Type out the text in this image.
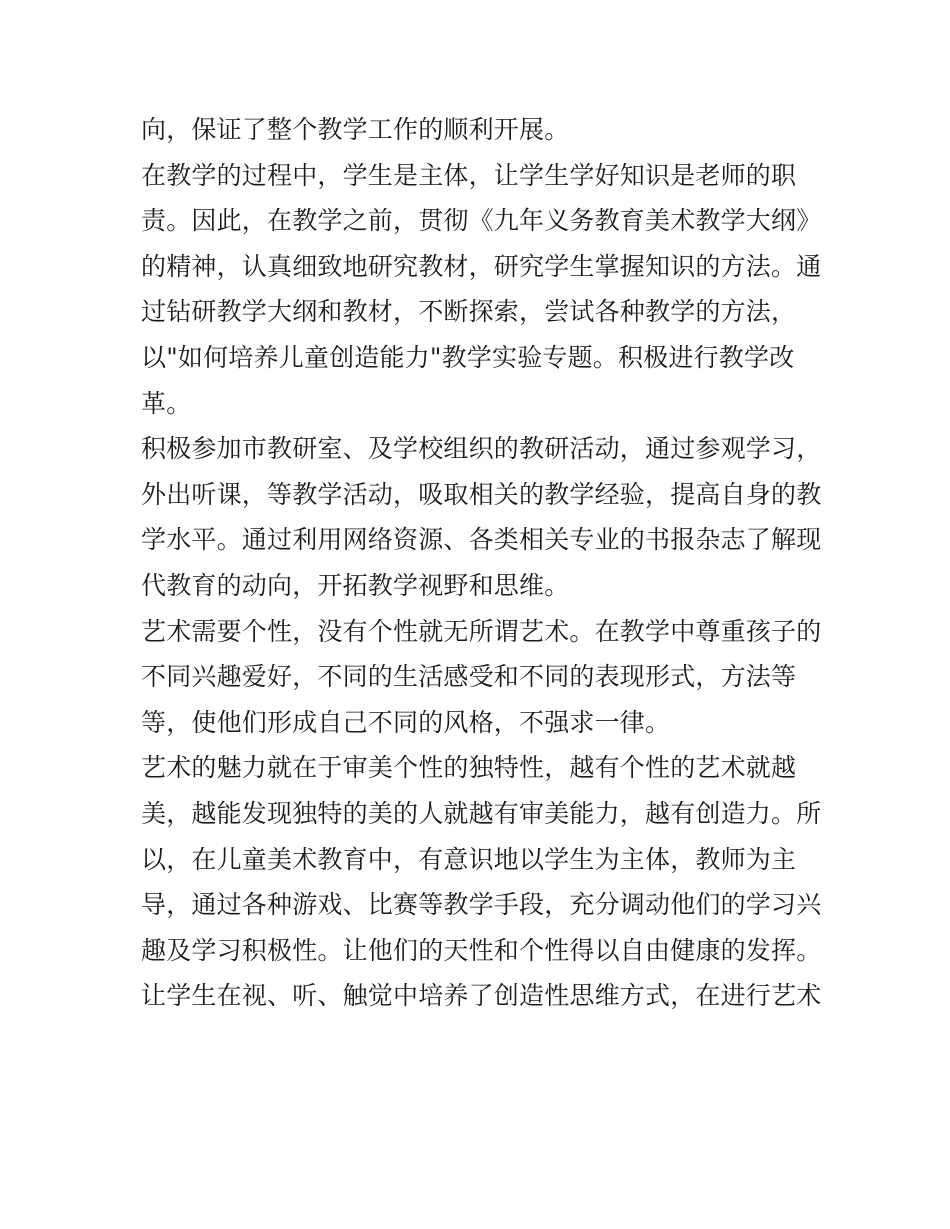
向，保证了整个教学工作的顺利开展。
在教学的过程中，学生是主体，让学生学好知识是老师的职
责。因此，在教学之前，贯彻《九年义务教育美术教学大纲》
的精神，认真细致地研究教材，研究学生掌握知识的方法。通
过钻研教学大纲和教材，不断探索，尝试各种教学的方法，
以"如何培养儿童创造能力"教学实验专题。积极进行教学改
革。
积极参加市教研室、及学校组织的教研活动，通过参观学习，
外出听课，等教学活动，吸取相关的教学经验，提高自身的教
学水平。通过利用网络资源、各类相关专业的书报杂志了解现
代教育的动向，开拓教学视野和思维。
艺术需要个性，没有个性就无所谓艺术。在教学中尊重孩子的
不同兴趣爱好，不同的生活感受和不同的表现形式，方法等
等，使他们形成自己不同的风格，不强求一律。
艺术的魅力就在于审美个性的独特性，越有个性的艺术就越
美，越能发现独特的美的人就越有审美能力，越有创造力。所
以，在儿童美术教育中，有意识地以学生为主体，教师为主
导，通过各种游戏、比赛等教学手段，充分调动他们的学习兴
趣及学习积极性。让他们的天性和个性得以自由健康的发挥。
让学生在视、听、触觉中培养了创造性思维方式，在进行艺术
